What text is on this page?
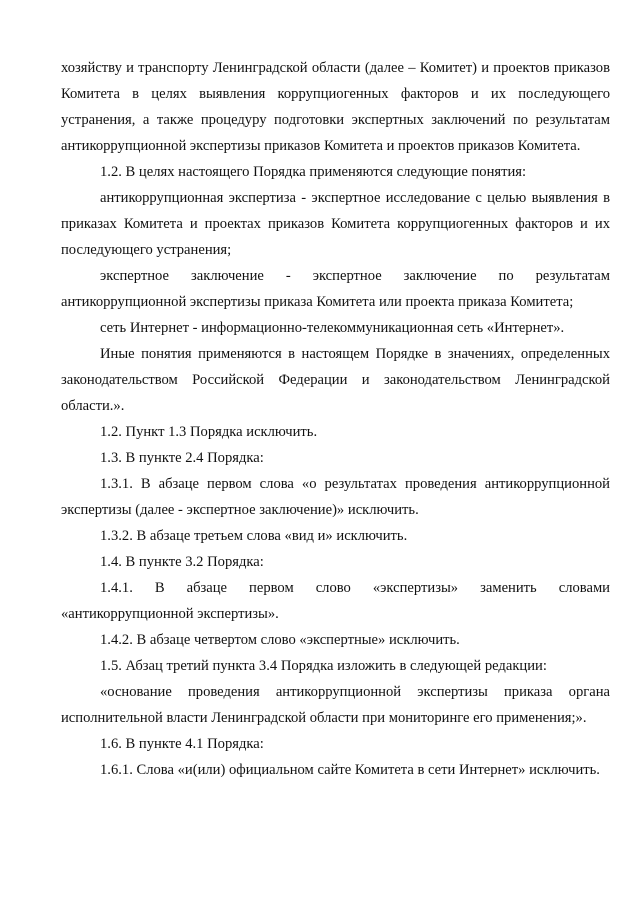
хозяйству и транспорту Ленинградской области (далее – Комитет) и проектов приказов Комитета в целях выявления коррупциогенных факторов и их последующего устранения, а также процедуру подготовки экспертных заключений по результатам антикоррупционной экспертизы приказов Комитета и проектов приказов Комитета.

1.2. В целях настоящего Порядка применяются следующие понятия:

антикоррупционная экспертиза - экспертное исследование с целью выявления в приказах Комитета и проектах приказов Комитета коррупциогенных факторов и их последующего устранения;

экспертное заключение - экспертное заключение по результатам антикоррупционной экспертизы приказа Комитета или проекта приказа Комитета;

сеть Интернет - информационно-телекоммуникационная сеть «Интернет».

Иные понятия применяются в настоящем Порядке в значениях, определенных законодательством Российской Федерации и законодательством Ленинградской области.».

1.2. Пункт 1.3 Порядка исключить.

1.3. В пункте 2.4 Порядка:

1.3.1. В абзаце первом слова «о результатах проведения антикоррупционной экспертизы (далее - экспертное заключение)» исключить.

1.3.2. В абзаце третьем слова «вид и» исключить.

1.4. В пункте 3.2 Порядка:

1.4.1. В абзаце первом слово «экспертизы» заменить словами «антикоррупционной экспертизы».

1.4.2. В абзаце четвертом слово «экспертные» исключить.

1.5. Абзац третий пункта 3.4 Порядка изложить в следующей редакции:

«основание проведения антикоррупционной экспертизы приказа органа исполнительной власти Ленинградской области при мониторинге его применения;».

1.6. В пункте 4.1 Порядка:

1.6.1. Слова «и(или) официальном сайте Комитета в сети Интернет» исключить.
